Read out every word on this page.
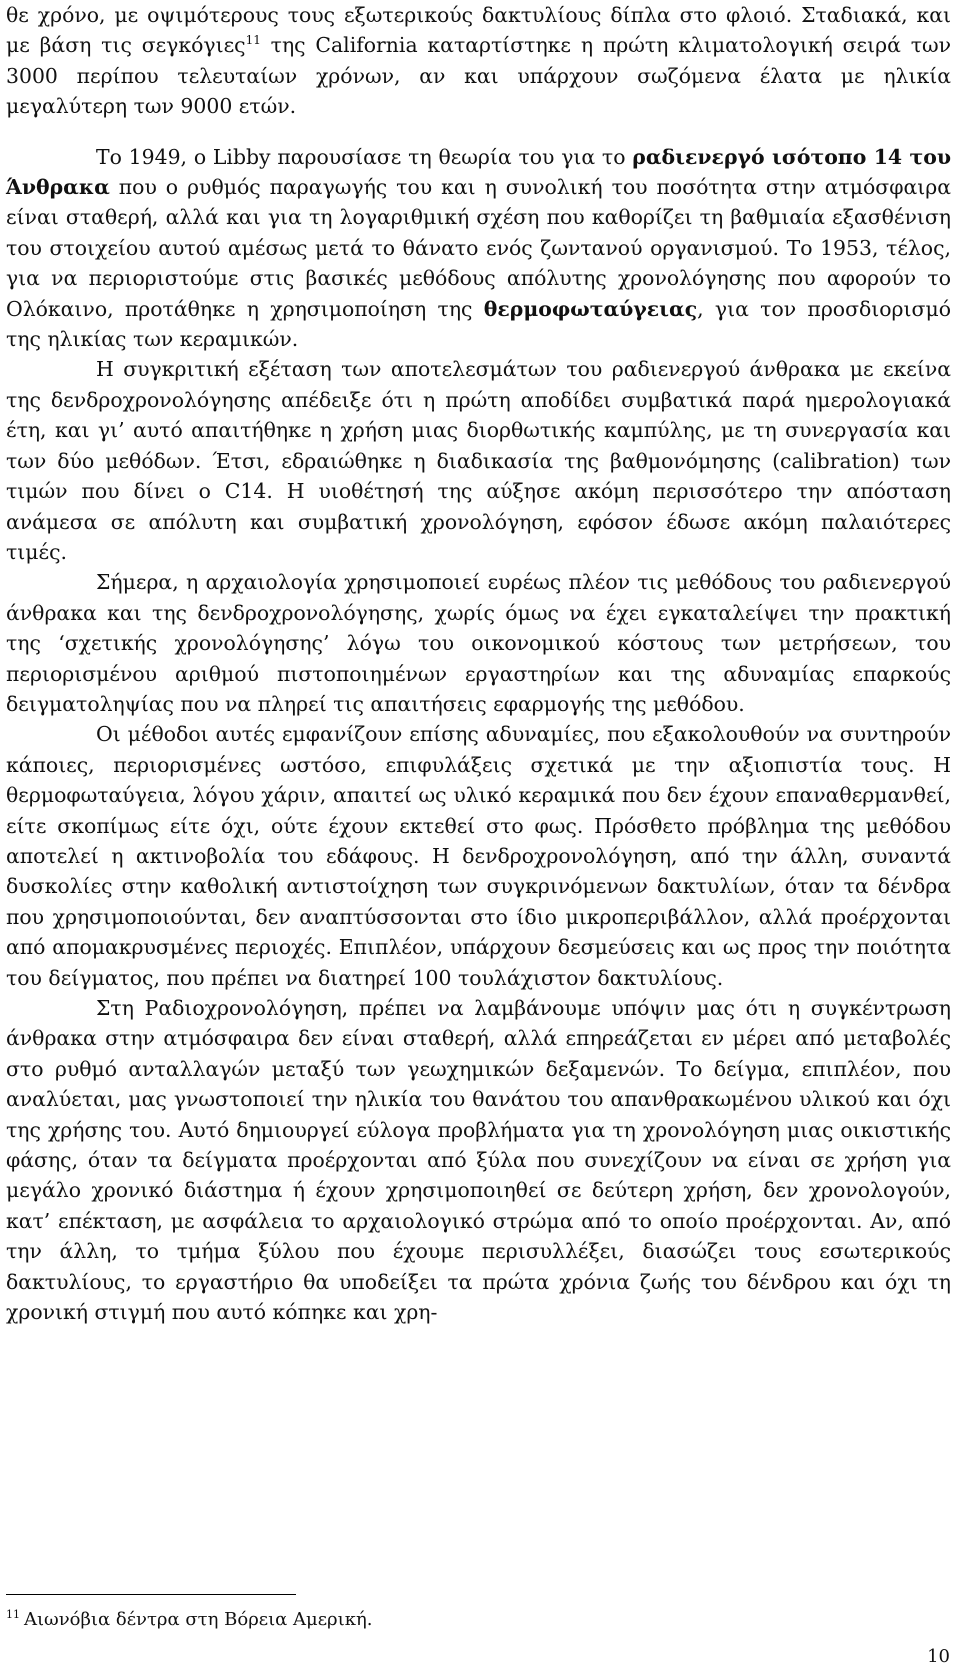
θε χρόνο, με οψιμότερους τους εξωτερικούς δακτυλίους δίπλα στο φλοιό. Σταδιακά, και με βάση τις σεγκόγιες$^{11}$ της California καταρτίστηκε η πρώτη κλιματολογική σειρά των 3000 περίπου τελευταίων χρόνων, αν και υπάρχουν σωζόμενα έλατα με ηλικία μεγαλύτερη των 9000 ετών.

Το 1949, ο Libby παρουσίασε τη θεωρία του για το ραδιενεργό ισότοπο 14 του Άνθρακα που ο ρυθμός παραγωγής του και η συνολική του ποσότητα στην ατμόσφαιρα είναι σταθερή, αλλά και για τη λογαριθμική σχέση που καθορίζει τη βαθμιαία εξασθένιση του στοιχείου αυτού αμέσως μετά το θάνατο ενός ζωντανού οργανισμού. Το 1953, τέλος, για να περιοριστούμε στις βασικές μεθόδους απόλυτης χρονολόγησης που αφορούν το Ολόκαινο, προτάθηκε η χρησιμοποίηση της θερμοφωταύγειας, για τον προσδιορισμό της ηλικίας των κεραμικών.

Η συγκριτική εξέταση των αποτελεσμάτων του ραδιενεργού άνθρακα με εκείνα της δενδροχρονολόγησης απέδειξε ότι η πρώτη αποδίδει συμβατικά παρά ημερολογιακά έτη, και γι’ αυτό απαιτήθηκε η χρήση μιας διορθωτικής καμπύλης, με τη συνεργασία και των δύο μεθόδων. Έτσι, εδραιώθηκε η διαδικασία της βαθμονόμησης (calibration) των τιμών που δίνει ο C14. Η υιοθέτησή της αύξησε ακόμη περισσότερο την απόσταση ανάμεσα σε απόλυτη και συμβατική χρονολόγηση, εφόσον έδωσε ακόμη παλαιότερες τιμές.

Σήμερα, η αρχαιολογία χρησιμοποιεί ευρέως πλέον τις μεθόδους του ραδιενεργού άνθρακα και της δενδροχρονολόγησης, χωρίς όμως να έχει εγκαταλείψει την πρακτική της ‘σχετικής χρονολόγησης’ λόγω του οικονομικού κόστους των μετρήσεων, του περιορισμένου αριθμού πιστοποιημένων εργαστηρίων και της αδυναμίας επαρκούς δειγματοληψίας που να πληρεί τις απαιτήσεις εφαρμογής της μεθόδου.

Οι μέθοδοι αυτές εμφανίζουν επίσης αδυναμίες, που εξακολουθούν να συντηρούν κάποιες, περιορισμένες ωστόσο, επιφυλάξεις σχετικά με την αξιοπιστία τους. Η θερμοφωταύγεια, λόγου χάριν, απαιτεί ως υλικό κεραμικά που δεν έχουν επαναθερμανθεί, είτε σκοπίμως είτε όχι, ούτε έχουν εκτεθεί στο φως. Πρόσθετο πρόβλημα της μεθόδου αποτελεί η ακτινοβολία του εδάφους. Η δενδροχρονολόγηση, από την άλλη, συναντά δυσκολίες στην καθολική αντιστοίχηση των συγκρινόμενων δακτυλίων, όταν τα δένδρα που χρησιμοποιούνται, δεν αναπτύσσονται στο ίδιο μικροπεριβάλλον, αλλά προέρχονται από απομακρυσμένες περιοχές. Επιπλέον, υπάρχουν δεσμεύσεις και ως προς την ποιότητα του δείγματος, που πρέπει να διατηρεί 100 τουλάχιστον δακτυλίους.

Στη Ραδιοχρονολόγηση, πρέπει να λαμβάνουμε υπόψιν μας ότι η συγκέντρωση άνθρακα στην ατμόσφαιρα δεν είναι σταθερή, αλλά επηρεάζεται εν μέρει από μεταβολές στο ρυθμό ανταλλαγών μεταξύ των γεωχημικών δεξαμενών. Το δείγμα, επιπλέον, που αναλύεται, μας γνωστοποιεί την ηλικία του θανάτου του απανθρακωμένου υλικού και όχι της χρήσης του. Αυτό δημιουργεί εύλογα προβλήματα για τη χρονολόγηση μιας οικιστικής φάσης, όταν τα δείγματα προέρχονται από ξύλα που συνεχίζουν να είναι σε χρήση για μεγάλο χρονικό διάστημα ή έχουν χρησιμοποιηθεί σε δεύτερη χρήση, δεν χρονολογούν, κατ’ επέκταση, με ασφάλεια το αρχαιολογικό στρώμα από το οποίο προέρχονται. Αν, από την άλλη, το τμήμα ξύλου που έχουμε περισυλλέξει, διασώζει τους εσωτερικούς δακτυλίους, το εργαστήριο θα υποδείξει τα πρώτα χρόνια ζωής του δένδρου και όχι τη χρονική στιγμή που αυτό κόπηκε και χρη-

$^{11}$ Αιωνόβια δέντρα στη Βόρεια Αμερική.
10
